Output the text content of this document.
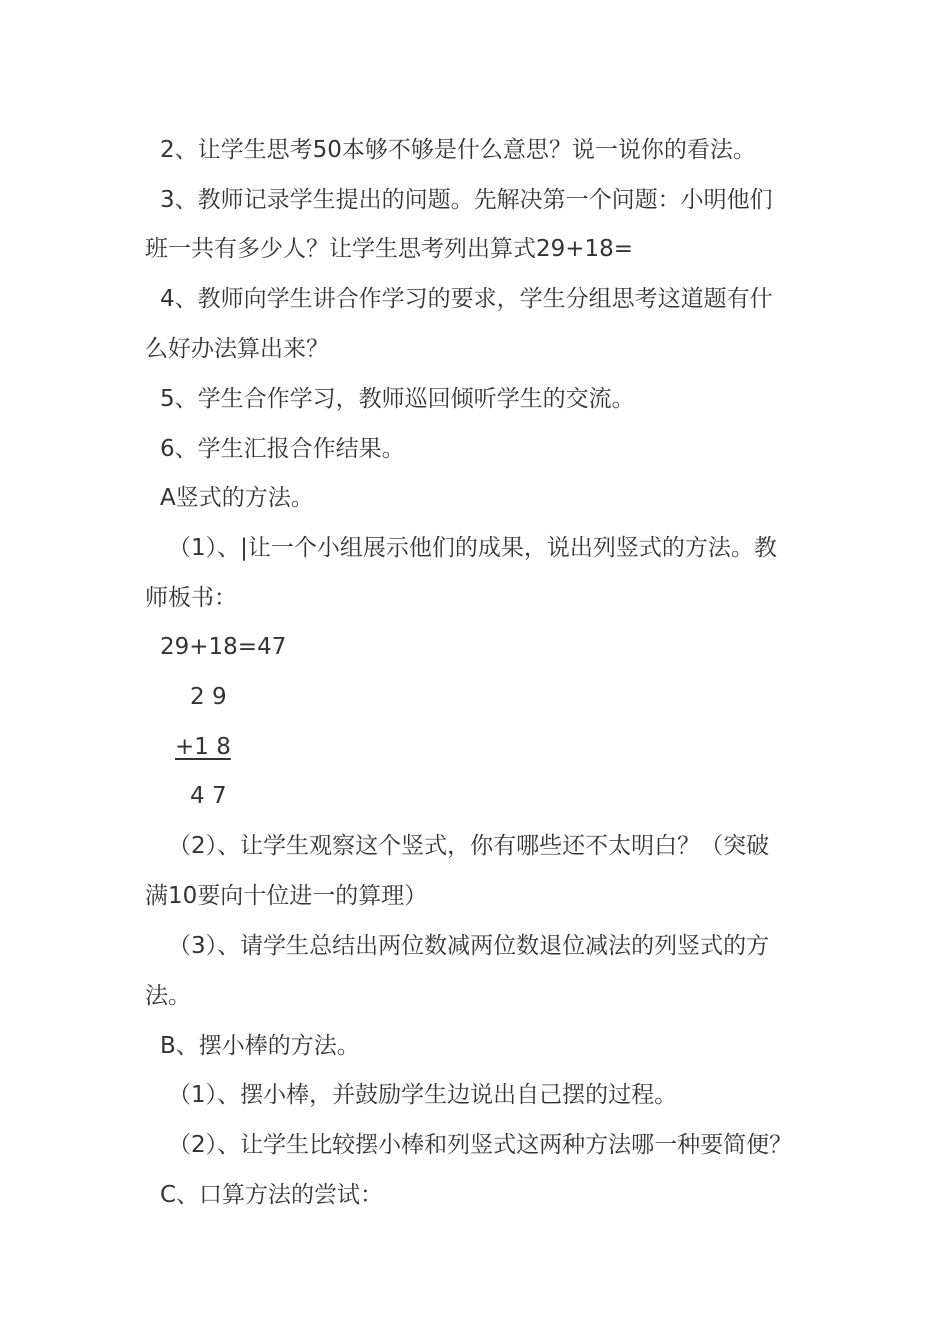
2、让学生思考50本够不够是什么意思？说一说你的看法。
3、教师记录学生提出的问题。先解决第一个问题：小明他们
班一共有多少人？让学生思考列出算式29+18=
4、教师向学生讲合作学习的要求，学生分组思考这道题有什
么好办法算出来？
5、学生合作学习，教师巡回倾听学生的交流。
6、学生汇报合作结果。
A竖式的方法。
（1）、|让一个小组展示他们的成果，说出列竖式的方法。教
师板书：
29+18=47
2 9
+1 8
4 7
（2）、让学生观察这个竖式，你有哪些还不太明白？（突破
满10要向十位进一的算理）
（3）、请学生总结出两位数减两位数退位减法的列竖式的方
法。
B、摆小棒的方法。
（1）、摆小棒，并鼓励学生边说出自己摆的过程。
（2）、让学生比较摆小棒和列竖式这两种方法哪一种要简便？
C、口算方法的尝试：
